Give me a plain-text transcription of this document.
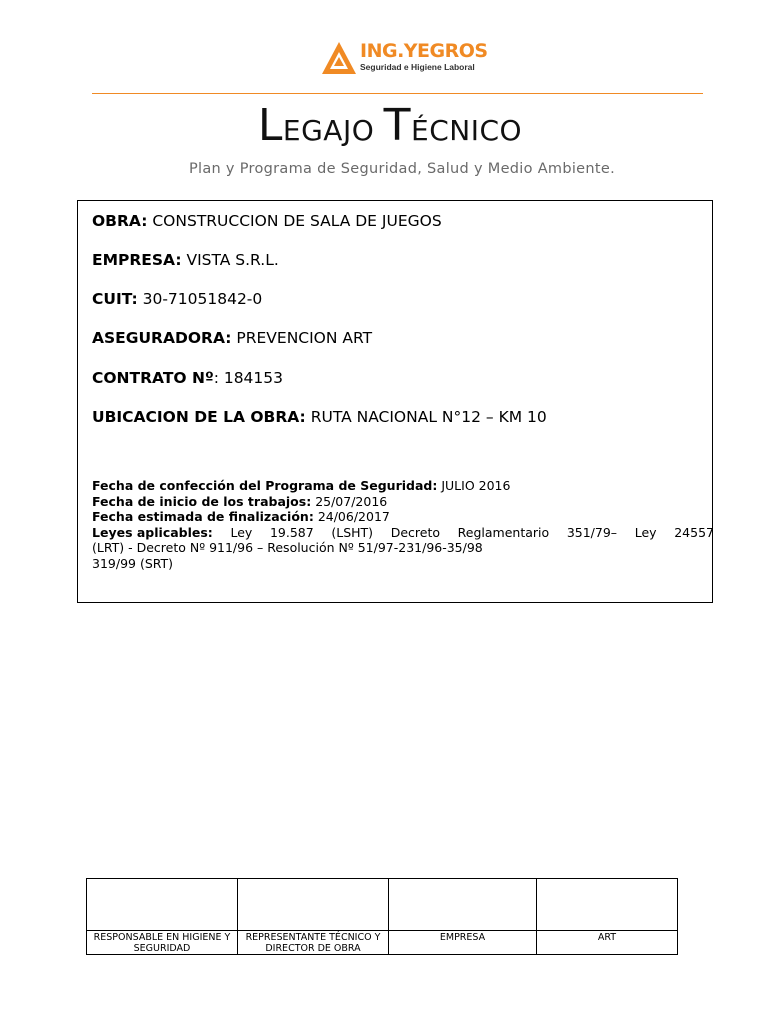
ING.YEGROS
Seguridad e Higiene Laboral
LEGAJO TÉCNICO
Plan y Programa de Seguridad, Salud y Medio Ambiente.
OBRA: CONSTRUCCION DE SALA DE JUEGOS
EMPRESA: VISTA S.R.L.
CUIT: 30-71051842-0
ASEGURADORA: PREVENCION ART
CONTRATO Nº: 184153
UBICACION DE LA OBRA: RUTA NACIONAL N°12 – KM 10
Fecha de confección del Programa de Seguridad: JULIO 2016
Fecha de inicio de los trabajos: 25/07/2016
Fecha estimada de finalización: 24/06/2017
Leyes aplicables: Ley 19.587 (LSHT) Decreto Reglamentario 351/79– Ley 24557
(LRT) - Decreto Nº 911/96 – Resolución Nº 51/97-231/96-35/98
319/99 (SRT)

RESPONSABLE EN HIGIENE Y SEGURIDAD	REPRESENTANTE TÉCNICO Y DIRECTOR DE OBRA	EMPRESA	ART
